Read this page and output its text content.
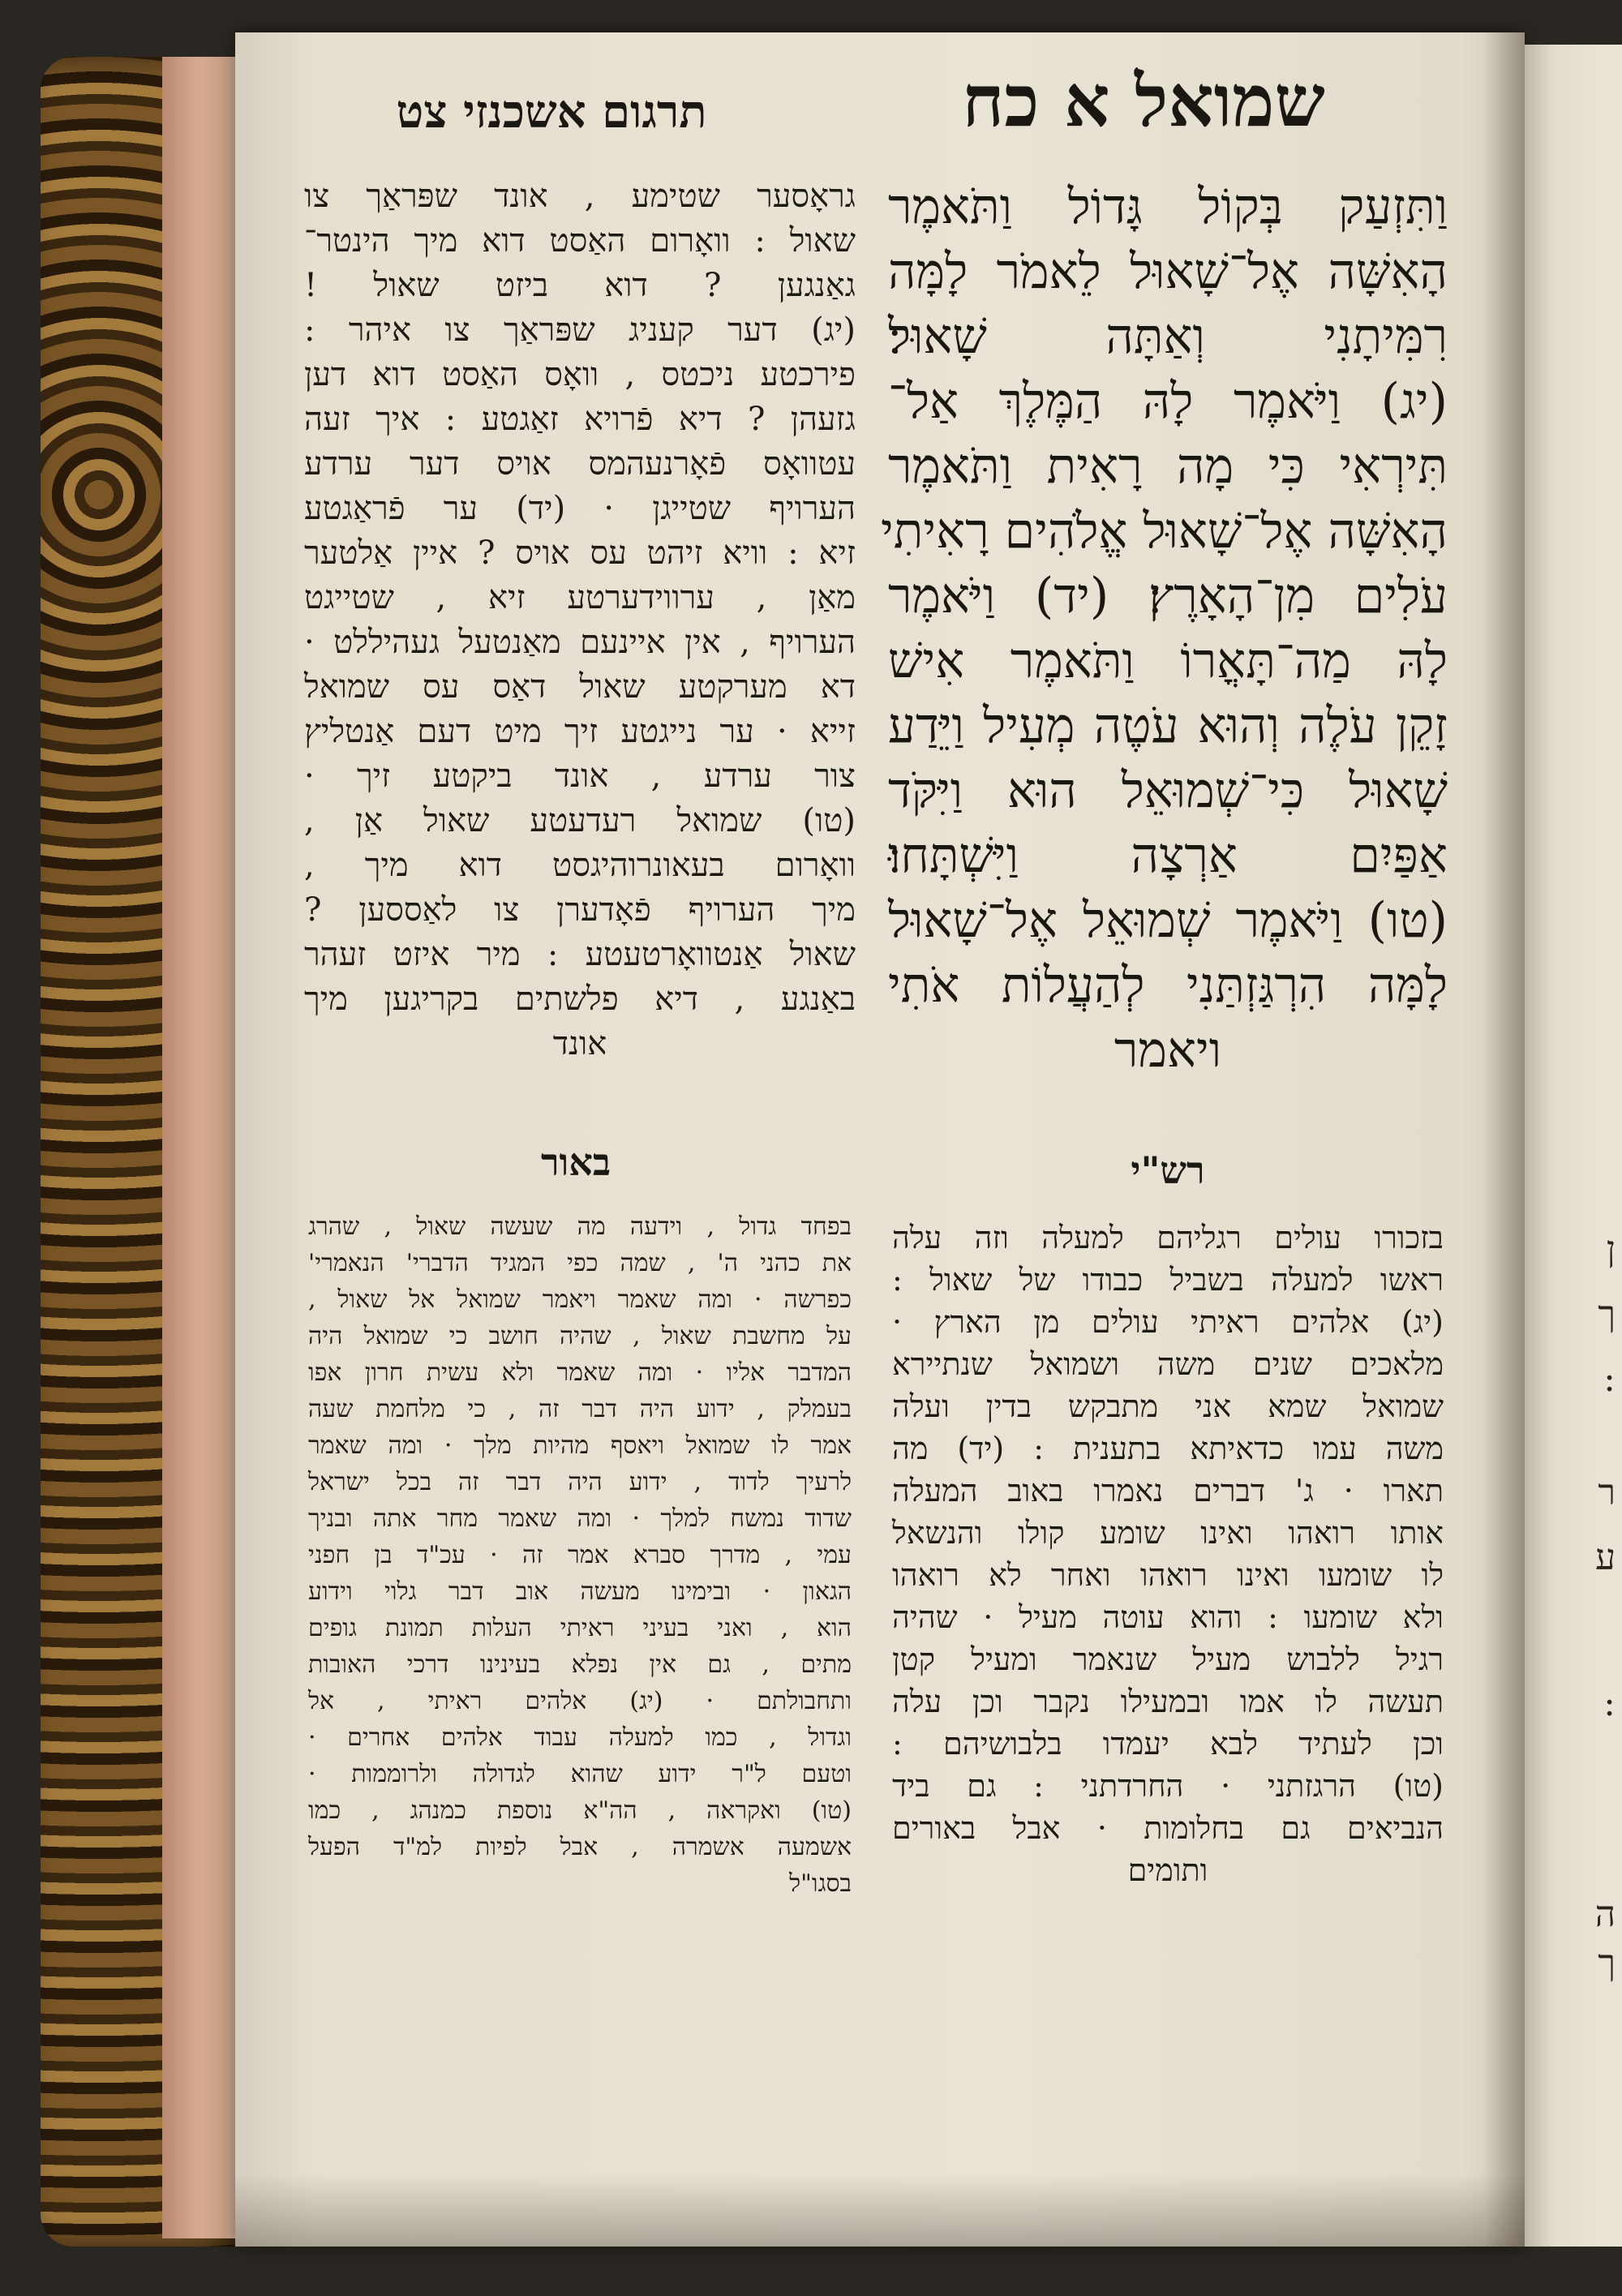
ן
ך
:
ר
ע
:
ה
ך
שמואל א כח
תרגום אשכנזי צט
וַתִּזְעַק בְּקוֹל גָּדוֹל וַתֹּאמֶר
הָאִשָּׁה אֶל־שָׁאוּל לֵאמֹר לָמָּה
רִמִּיתָנִי וְאַתָּה שָׁאוּל׃
(יג) וַיֹּאמֶר לָהּ הַמֶּלֶךְ אַל־
תִּירְאִי כִּי מָה רָאִית וַתֹּאמֶר
הָאִשָּׁה אֶל־שָׁאוּל אֱלֹהִים רָאִיתִי
עֹלִים מִן־הָאָרֶץ׃ (יד) וַיֹּאמֶר
לָהּ מַה־תָּאֳרוֹ וַתֹּאמֶר אִישׁ
זָקֵן עֹלֶה וְהוּא עֹטֶה מְעִיל וַיֵּדַע
שָׁאוּל כִּי־שְׁמוּאֵל הוּא וַיִּקֹּד
אַפַּיִם אַרְצָה וַיִּשְׁתָּחוּ׃
(טו) וַיֹּאמֶר שְׁמוּאֵל אֶל־שָׁאוּל
לָמָּה הִרְגַּזְתַּנִי לְהַעֲלוֹת אֹתִי
ויאמר
גראָסער שטימע , אונד שפּראַך צו
שאול : וואָרום האַסט דוא מיך הינטר־
גאַנגען ? דוא ביזט שאול !
(יג) דער קעניג שפּראַך צו איהר :
פירכטע ניכטס , וואָס האַסט דוא דען
גזעהן ? דיא פֿרויא זאַגטע : איך זעה
עטוואָס פֿאָרנעהמס אויס דער ערדע
הערויף שטייגן · (יד) ער פֿראַגטע
זיא : וויא זיהט עס אויס ? איין אַלטער
מאַן , ערווידערטע זיא , שטייגט
הערויף , אין איינעם מאַנטעל געהיללט ·
דא מערקטע שאול דאַס עס שמואל
זייא · ער נייגטע זיך מיט דעם אַנטליץ
צור ערדע , אונד ביקטע זיך ·
(טו) שמואל רעדעטע שאול אַן ,
וואָרום בעאונרוהיגסט דוא מיך ,
מיך הערויף פֿאָדערן צו לאַססען ?
שאול אַנטוואָרטעטע : מיר איזט זעהר
באַנגע , דיא פלשתים בקריגען מיך
אונד
רש"י
באור
בזכורו עולים רגליהם למעלה וזה עלה
ראשו למעלה בשביל כבודו של שאול :
(יג) אלהים ראיתי עולים מן הארץ ·
מלאכים שנים משה ושמואל שנתיירא
שמואל שמא אני מתבקש בדין ועלה
משה עמו כדאיתא בתענית : (יד) מה
תארו · ג' דברים נאמרו באוב המעלה
אותו רואהו ואינו שומע קולו והנשאל
לו שומעו ואינו רואהו ואחר לא רואהו
ולא שומעו : והוא עוטה מעיל · שהיה
רגיל ללבוש מעיל שנאמר ומעיל קטן
תעשה לו אמו ובמעילו נקבר וכן עלה
וכן לעתיד לבא יעמדו בלבושיהם :
(טו) הרגזתני · החרדתני : גם ביד
הנביאים גם בחלומות · אבל באורים
ותומים
בפחד גדול , וידעה מה שעשה שאול , שהרג
את כהני ה' , שמה כפי המגיד הדברי' הנאמרי'
כפרשה · ומה שאמר ויאמר שמואל אל שאול ,
על מחשבת שאול , שהיה חושב כי שמואל היה
המדבר אליו · ומה שאמר ולא עשית חרון אפו
בעמלק , ידוע היה דבר זה , כי מלחמת שעה
אמר לו שמואל ויאסף מהיות מלך · ומה שאמר
לרעיך לדוד , ידוע היה דבר זה בכל ישראל
שדוד נמשח למלך · ומה שאמר מחר אתה ובניך
עמי , מדרך סברא אמר זה · עכ"ד בן חפני
הגאון · ובימינו מעשה אוב דבר גלוי וידוע
הוא , ואני בעיני ראיתי העלות תמונת גופים
מתים , גם אין נפלא בעינינו דרכי האובות
ותחבולתם · (יג) אלהים ראיתי , אל
וגדול , כמו למעלה עבוד אלהים אחרים ·
וטעם ל"ר ידוע שהוא לגדולה ולרוממות ·
(טו) ואקראה , הה"א נוספת כמנהג , כמו
אשמעה אשמרה , אבל לפיות למ"ד הפעל
בסגו"ל
